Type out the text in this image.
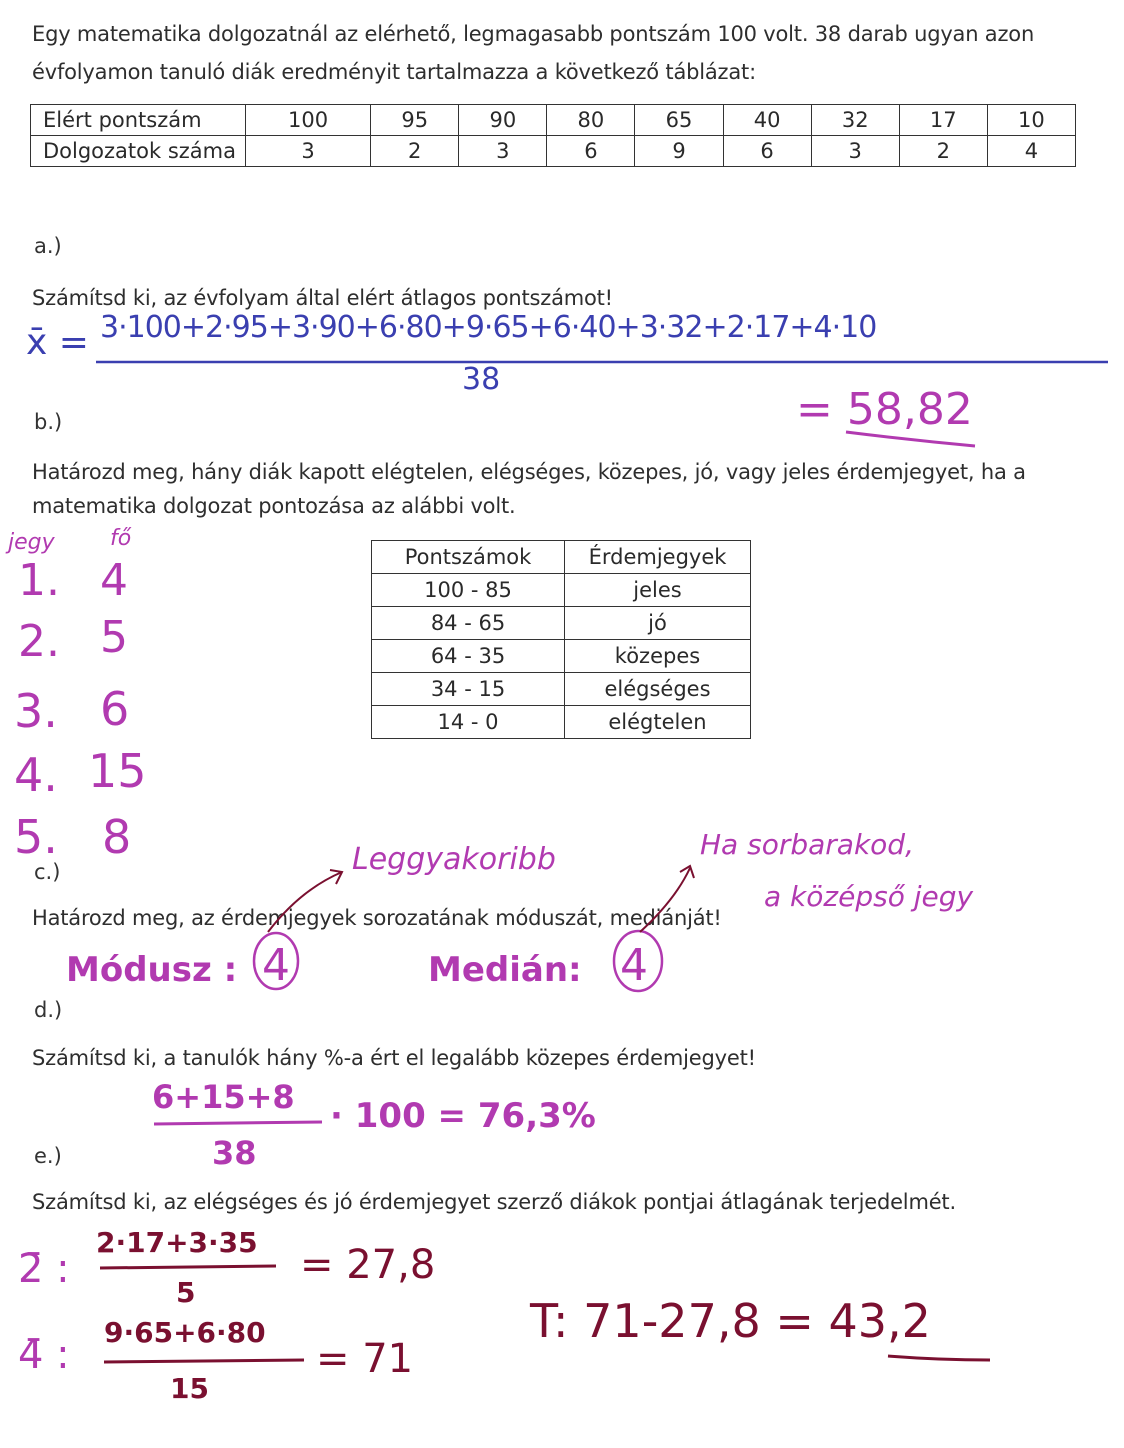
Egy matematika dolgozatnál az elérhető, legmagasabb pontszám 100 volt. 38 darab ugyan azon
évfolyamon tanuló diák eredményit tartalmazza a következő táblázat:
Elért pontszám	100	95	90	80	65	40	32	17	10
Dolgozatok száma	3	2	3	6	9	6	3	2	4
a.)
Számítsd ki, az évfolyam által elért átlagos pontszámot!
x̄ = 3·100+2·95+3·90+6·80+9·65+6·40+3·32+2·17+4·10
38
= 58,82
b.)
Határozd meg, hány diák kapott elégtelen, elégséges, közepes, jó, vagy jeles érdemjegyet, ha a
matematika dolgozat pontozása az alábbi volt.
jegy	fő
1. 4
2. 5
3. 6
4. 15
5. 8
Pontszámok	Érdemjegyek
100 - 85	jeles
84 - 65	jó
64 - 35	közepes
34 - 15	elégséges
14 - 0	elégtelen
c.)
Határozd meg, az érdemjegyek sorozatának móduszát, mediánját!
Leggyakoribb	Ha sorbarakod,
a középső jegy
Módusz : 4	Medián: 4
d.)
Számítsd ki, a tanulók hány %-a ért el legalább közepes érdemjegyet!
6+15+8
38
· 100 = 76,3%
e.)
Számítsd ki, az elégséges és jó érdemjegyet szerző diákok pontjai átlagának terjedelmét.
2̄ :
2·17+3·35
5
= 27,8
4̄ : 9·65+6·80
15
= 71
T: 71-27,8 = 43,2
